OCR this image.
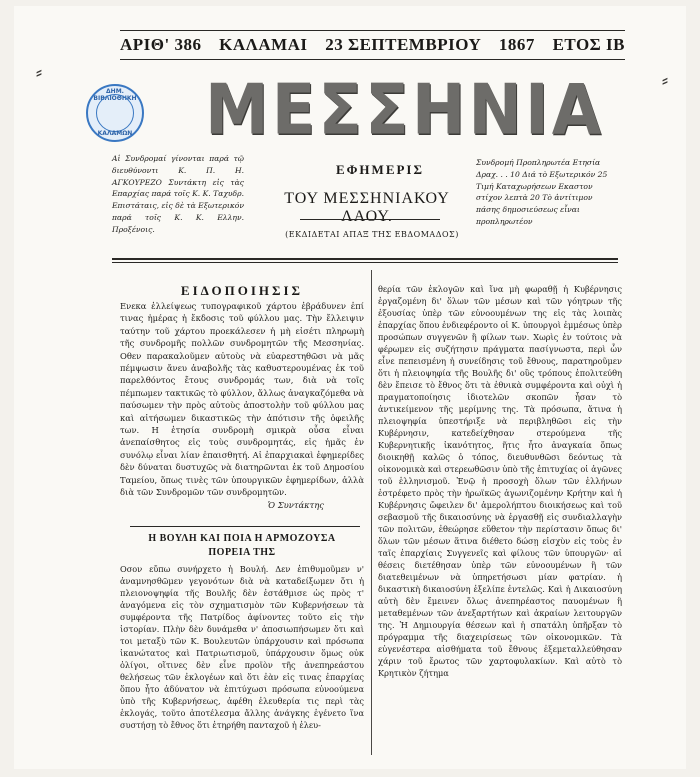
ΑΡΙΘ' 386 ΚΑΛΑΜΑΙ 23 ΣΕΠΤΕΜΒΡΙΟΥ 1867 ΕΤΟΣ ΙΒ
ΔΗΜ. ΒΙΒΛΙΟΘΗΚΗ
ΚΑΛΑΜΩΝ ΜΕΣΣΗΝΙΑ
Αἱ Συνδρομαί γίνονται παρά τῷ διευθύνοντι Κ. Π. Η. ΑΓΚΟΥΡΕΖΟ Συντάκτη εἰς τὰς Επαρχίας παρά τοῖς Κ. Κ. Ταχυδρ. Επιστάταις, εἰς δὲ τὰ Εξωτερικόν παρά τοῖς Κ. Κ. Ελλην. Προξένοις.
ΕΦΗΜΕΡΙΣ
ΤΟΥ ΜΕΣΣΗΝΙΑΚΟΥ ΛΑΟΥ.
(ΕΚΔΙΔΕΤΑΙ ΑΠΑΞ ΤΗΣ ΕΒΔΟΜΑΔΟΣ)
Συνδρομή Προπληρωτέα Ετησία Δραχ. . . 10 Διά τὸ Εξωτερικόν 25 Τιμή Καταχωρήσεων Εκαστον στίχον λεπτὰ 20 Τὸ ἀντίτιμον πάσης δημοσιεύσεως εἶναι προπληρωτέον
ΕΙΔΟΠΟΙΗΣΙΣ
Ενεκα ἐλλείψεως τυπογραφικοῦ χάρτου ἐβράδυνεν ἐπί τινας ἡμέρας ἡ ἔκδοσις τοῦ φύλλου μας. Τὴν ἔλλειψιν ταύτην τοῦ χάρτου προεκάλεσεν ἡ μὴ εἰσέτι πληρωμὴ τῆς συνδρομῆς πολλῶν συνδρομητῶν τῆς Μεσσηνίας. Οθεν παρακαλοῦμεν αὐτοὺς νὰ εὐαρεστηθῶσι νὰ μᾶς πέμψωσιν ἄνευ ἀναβολῆς τὰς καθυστερουμένας ἐκ τοῦ παρελθόντος ἔτους συνδρομάς των, διὰ νὰ τοῖς πέμπωμεν τακτικῶς τὸ φύλλον, ἄλλως ἀναγκαζόμεθα νὰ παύσωμεν τὴν πρὸς αὐτοὺς ἀποστολὴν τοῦ φύλλου μας καὶ αἰτήσωμεν δικαστικῶς τὴν ἀπότισιν τῆς ὀφειλῆς των. Η ἐτησία συνδρομὴ σμικρὰ οὖσα εἶναι ἀνεπαίσθητος εἰς τοὺς συνδρομητάς, εἰς ἡμᾶς ἐν συνόλῳ εἶναι λίαν ἐπαισθητή. Αἱ ἐπαρχιακαὶ ἐφημερίδες δὲν δύναται δυστυχῶς νὰ διατηρῶνται ἐκ τοῦ Δημοσίου Ταμείου, ὅπως τινὲς τῶν ὑπουργικῶν ἐφημερίδων, ἀλλὰ διὰ τῶν Συνδρομῶν τῶν συνδρομητῶν.
Ὁ Συντάκτης
Η ΒΟΥΛΗ ΚΑΙ ΠΟΙΑ Η ΑΡΜΟΖΟΥΣΑ
ΠΟΡΕΙΑ ΤΗΣ
Οσον εὔπω συνήρχετο ἡ Βουλή. Δεν ἐπιθυμοῦμεν ν' ἀναμνησθῶμεν γεγονότων διὰ νὰ καταδείξωμεν ὅτι ἡ πλειονοψηφία τῆς Βουλῆς δὲν ἐστάθμισε ὡς πρὸς τ' ἀναγόμενα εἰς τὸν σχηματισμὸν τῶν Κυβερνήσεων τὰ συμφέροντα τῆς Πατρίδος ἀφίνοντες τοῦτο εἰς τὴν ἱστορίαν. Πλὴν δὲν δυνάμεθα ν' ἀποσιωπήσωμεν ὅτι καὶ τοι μεταξὺ τῶν Κ. Βουλευτῶν ὑπάρχουσιν καὶ πρόσωπα ἱκανώτατος καὶ Πατριωτισμοῦ, ὑπάρχουσιν ὅμως οὐκ ὀλίγοι, οἵτινες δὲν εἶνε προϊὸν τῆς ἀνεπηρεάστου θελήσεως τῶν ἐκλογέων καὶ ὅτι ἐὰν εἰς τινας ἐπαρχίας ὅπου ἦτο ἀδύνατον νὰ ἐπιτύχωσι πρόσωπα εὐνοούμενα ὑπὸ τῆς Κυβερνήσεως, ἀφέθη ἐλευθερία τις περὶ τὰς ἐκλογάς, τοῦτο ἀποτέλεσμα ἄλλης ἀνάγκης ἐγένετο ἵνα συστήσῃ τὸ ἔθνος ὅτι ἐτηρήθη πανταχοῦ ἡ ἐλευ-
θερία τῶν ἐκλογῶν καὶ ἵνα μὴ φωραθῇ ἡ Κυβέρνησις ἐργαζομένη δι' ὅλων τῶν μέσων καὶ τῶν γόητρων τῆς ἐξουσίας ὑπὲρ τῶν εὐνοουμένων της εἰς τὰς λοιπὰς ἐπαρχίας ὅπου ἐνδιεφέροντο οἱ Κ. ὑπουργοὶ ἐμμέσως ὑπὲρ προσώπων συγγενῶν ἢ φίλων των. Χωρὶς ἐν τούτοις νὰ φέρωμεν εἰς συζήτησιν πράγματα πασίγνωστα, περὶ ὧν εἶνε πεπεισμένη ἡ συνείδησις τοῦ ἔθνους, παρατηροῦμεν ὅτι ἡ πλειοψηφία τῆς Βουλῆς δι' οὓς τρόπους ἐπολιτεύθη δὲν ἔπεισε τὸ ἔθνος ὅτι τὰ ἐθνικὰ συμφέροντα καὶ οὐχὶ ἡ πραγματοποίησις ἰδιοτελῶν σκοπῶν ἦσαν τὸ ἀντικείμενον τῆς μερίμνης της. Τὰ πρόσωπα, ἅτινα ἡ πλειοψηφία ὑπεστήριξε νὰ περιβληθῶσι εἰς τὴν Κυβέρνησιν, κατεδείχθησαν στερούμενα τῆς Κυβερνητικῆς ἱκανότητος, ἥτις ἦτο ἀναγκαία ὅπως διοικηθῇ καλῶς ὁ τόπος, διευθυνθῶσι δεόντως τὰ οἰκονομικὰ καὶ στερεωθῶσιν ὑπὸ τῆς ἐπιτυχίας οἱ ἀγῶνες τοῦ ἑλληνισμοῦ. Ἐνῷ ἡ προσοχὴ ὅλων τῶν ἑλλήνων ἐστρέφετο πρὸς τὴν ἡρωϊκῶς ἀγωνιζομένην Κρήτην καὶ ἡ Κυβέρνησις ὤφειλεν δι' ἀμερολήπτου διοικήσεως καὶ τοῦ σεβασμοῦ τῆς δικαιοσύνης νὰ ἐργασθῇ εἰς συνδιαλλαγὴν τῶν πολιτῶν, ἐθεώρησε εὔθετον τὴν περίστασιν ὅπως δι' ὅλων τῶν μέσων ἅτινα διέθετο δώσῃ εἰσχὺν εἰς τοὺς ἐν ταῖς ἐπαρχίαις Συγγενεῖς καὶ φίλους τῶν ὑπουργῶν· αἱ θέσεις διετέθησαν ὑπὲρ τῶν εὐνοουμένων ἢ τῶν διατεθειμένων νὰ ὑπηρετήσωσι μίαν φατρίαν. ἡ δικαστικὴ δικαιοσύνη ἐξελίπε ἐντελῶς. Καὶ ἡ Δικαιοσύνη αὐτὴ δὲν ἔμεινεν ὅλως ἀνεπηρέαστος παυομένων ἢ μεταθεμένων τῶν ἀνεξαρτήτων καὶ ἀκραίων λειτουργῶν της. Ἡ Δημιουργία θέσεων καὶ ἡ σπατάλη ὑπῆρξαν τὸ πρόγραμμα τῆς διαχειρίσεως τῶν οἰκονομικῶν. Τὰ εὐγενέστερα αἰσθήματα τοῦ ἔθνους ἐξεμεταλλεύθησαν χάριν τοῦ ἔρωτος τῶν χαρτοφυλακίων. Καὶ αὐτὸ τὸ Κρητικὸν ζήτημα
⸗	⸗
